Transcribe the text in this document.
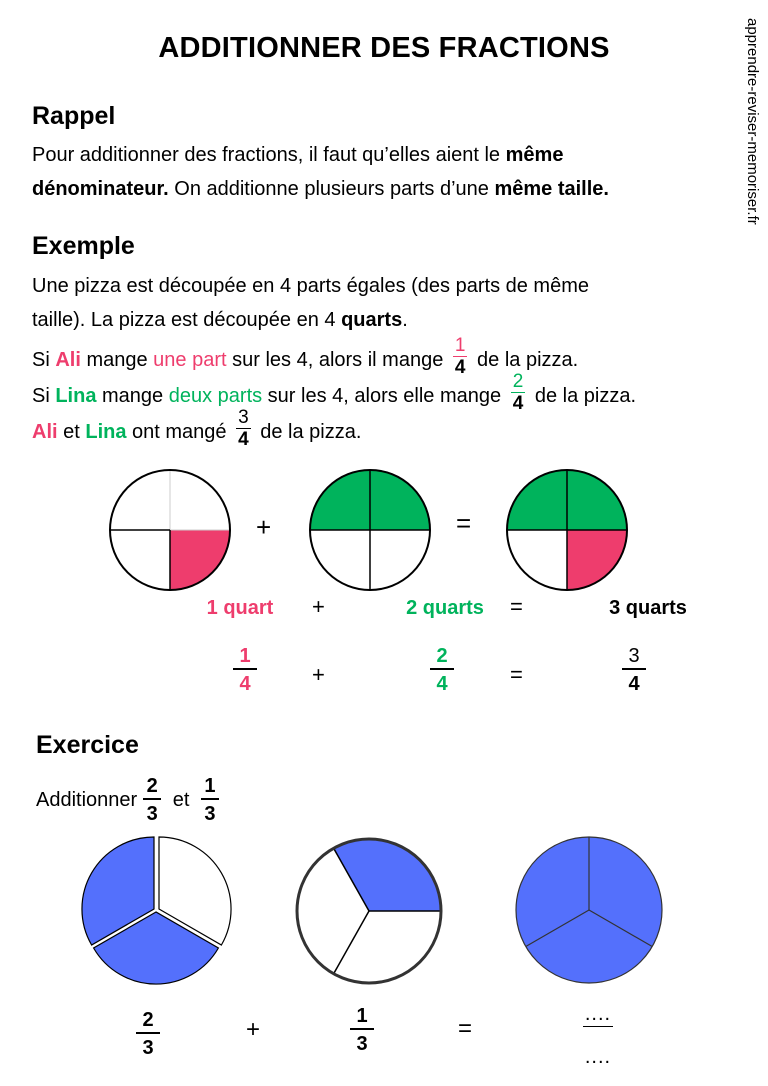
ADDITIONNER DES FRACTIONS	apprendre-reviser-memoriser.fr
Rappel
Pour additionner des fractions, il faut qu’elles aient le même
dénominateur. On additionne plusieurs parts d’une même taille.
Exemple
Une pizza est découpée en 4 parts égales (des parts de même
taille). La pizza est découpée en 4 quarts.
Si Ali mange une part sur les 4, alors il mange $\frac{1}{4}$ de la pizza.
Si Lina mange deux parts sur les 4, alors elle mange $\frac{2}{4}$ de la pizza.
Ali et Lina ont mangé $\frac{3}{4}$ de la pizza.
+	=
1 quart	+	2 quarts	=	3 quarts
1
4	+
2
4	=
3
4
Exercice
Additionner
2
3
et
1
3
2
3
+	1
3
=
....
....
